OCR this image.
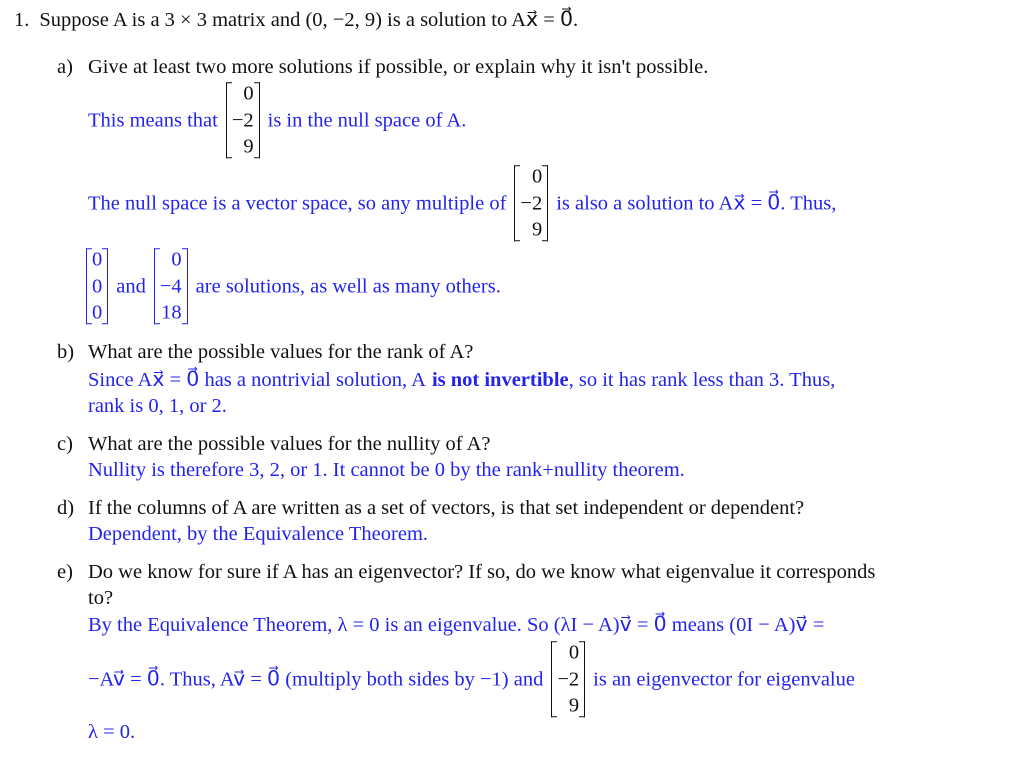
1. Suppose A is a 3 × 3 matrix and (0, −2, 9) is a solution to Ax⃗ = 0⃗.
a) Give at least two more solutions if possible, or explain why it isn't possible.
This means that
0
−2
9
is in the null space of A.
The null space is a vector space, so any multiple of
0
−2
9
is also a solution to Ax⃗ = 0⃗. Thus,
0
0
0
and
0
−4
18
are solutions, as well as many others.
b) What are the possible values for the rank of A?
Since Ax⃗ = 0⃗ has a nontrivial solution, A is not invertible , so it has rank less than 3. Thus,
rank is 0, 1, or 2.
c) What are the possible values for the nullity of A?
Nullity is therefore 3, 2, or 1. It cannot be 0 by the rank+nullity theorem.
d) If the columns of A are written as a set of vectors, is that set independent or dependent?
Dependent, by the Equivalence Theorem.
e) Do we know for sure if A has an eigenvector? If so, do we know what eigenvalue it corresponds
to?
By the Equivalence Theorem, λ = 0 is an eigenvalue. So (λI − A)v⃗ = 0⃗ means (0I − A)v⃗ =
−Av⃗ = 0⃗. Thus, Av⃗ = 0⃗ (multiply both sides by −1) and
0
−2
9
is an eigenvector for eigenvalue
λ = 0.
